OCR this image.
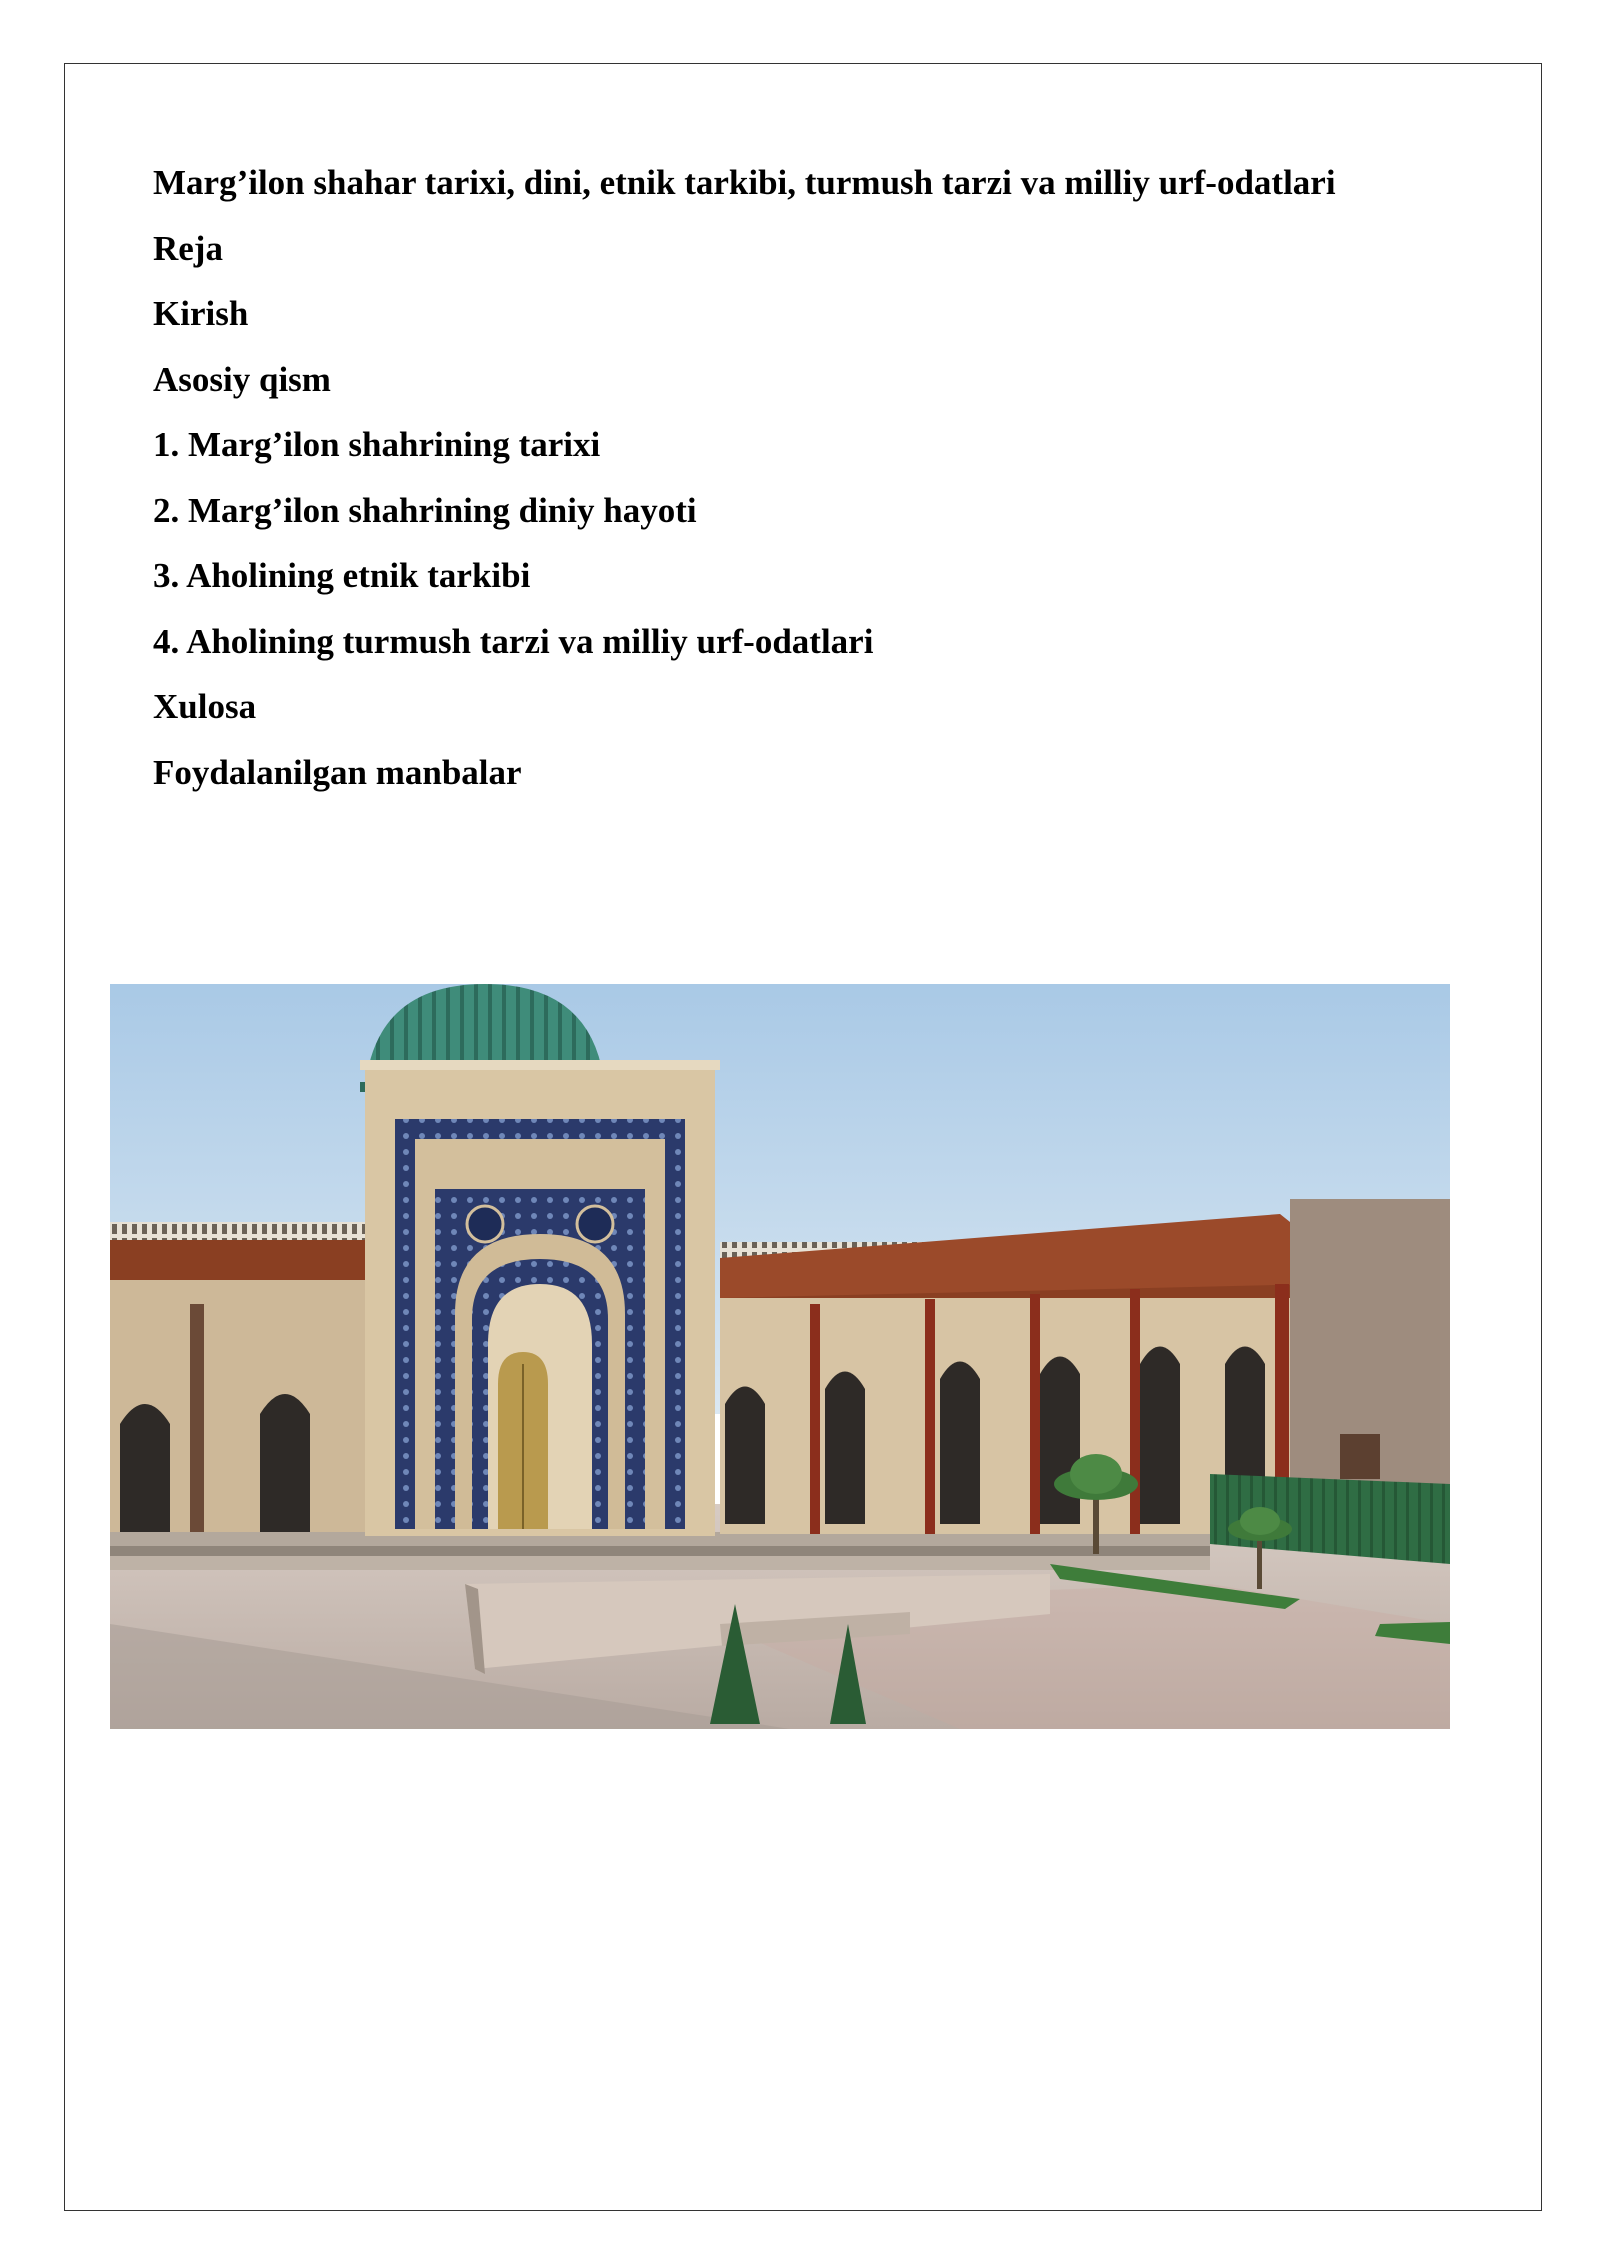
Marg’ilon shahar tarixi, dini, etnik tarkibi, turmush tarzi va milliy urf-odatlari
Reja
Kirish
Asosiy qism
1. Marg’ilon shahrining tarixi
2. Marg’ilon shahrining diniy hayoti
3. Aholining etnik tarkibi
4. Aholining turmush tarzi va milliy urf-odatlari
Xulosa
Foydalanilgan manbalar
